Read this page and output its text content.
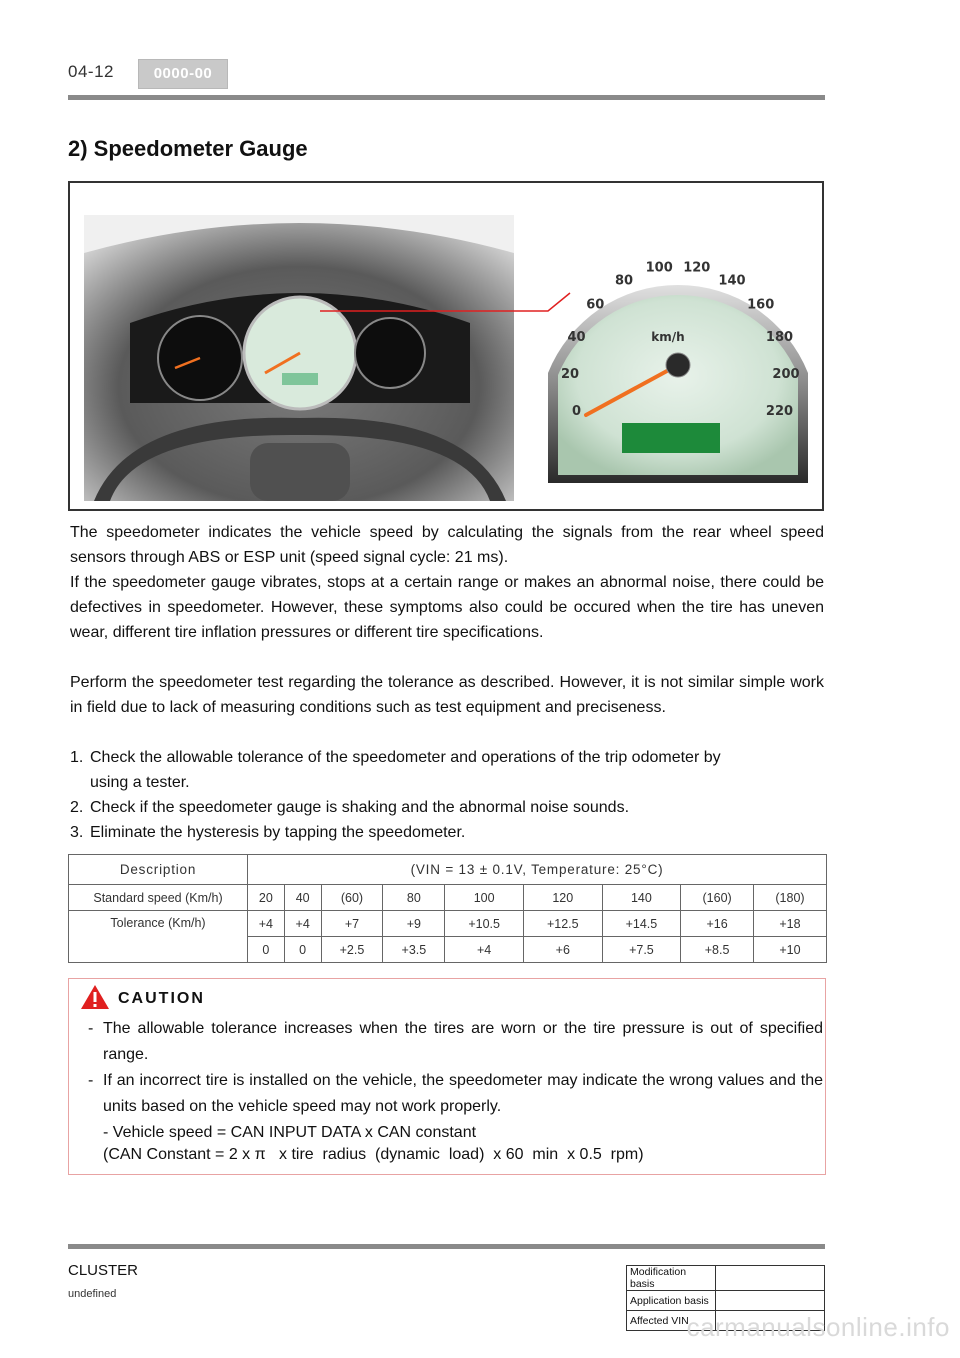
04-12	0000-00
2) Speedometer Gauge
0
20
40
60
80
100 120
140
160
180
200
220
km/h

The speedometer indicates the vehicle speed by calculating the signals from the rear wheel speed sensors through ABS or ESP unit (speed signal cycle: 21 ms).

If the speedometer gauge vibrates, stops at a certain range or makes an abnormal noise, there could be defectives in speedometer. However, these symptoms also could be occured when the tire has uneven wear, different tire inflation pressures or different tire specifications.

Perform the speedometer test regarding the tolerance as described. However, it is not similar simple work in field due to lack of measuring conditions such as test equipment and preciseness.

1. Check the allowable tolerance of the speedometer and operations of the trip odometer by
using a tester.
2. Check if the speedometer gauge is shaking and the abnormal noise sounds.
3. Eliminate the hysteresis by tapping the speedometer.
Description	(VIN = 13 ± 0.1V, Temperature: 25°C)								
Standard speed (Km/h)	20	40	(60)	80	100	120	140	(160)	(180)
Tolerance (Km/h)	+4	+4	+7	+9	+10.5	+12.5	+14.5	+16	+18
	0	0	+2.5	+3.5	+4	+6	+7.5	+8.5	+10
CAUTION
- The allowable tolerance increases when the tires are worn or the tire pressure is out of specified range.
- If an incorrect tire is installed on the vehicle, the speedometer may indicate the wrong values and the units based on the vehicle speed may not work properly.
- Vehicle speed = CAN INPUT DATA x CAN constant
(CAN Constant = 2 x π   x tire  radius  (dynamic  load)  x 60  min  x 0.5  rpm)
CLUSTER
undefined
Modification basis	
Application basis	
Affected VIN	
carmanualsonline.info
